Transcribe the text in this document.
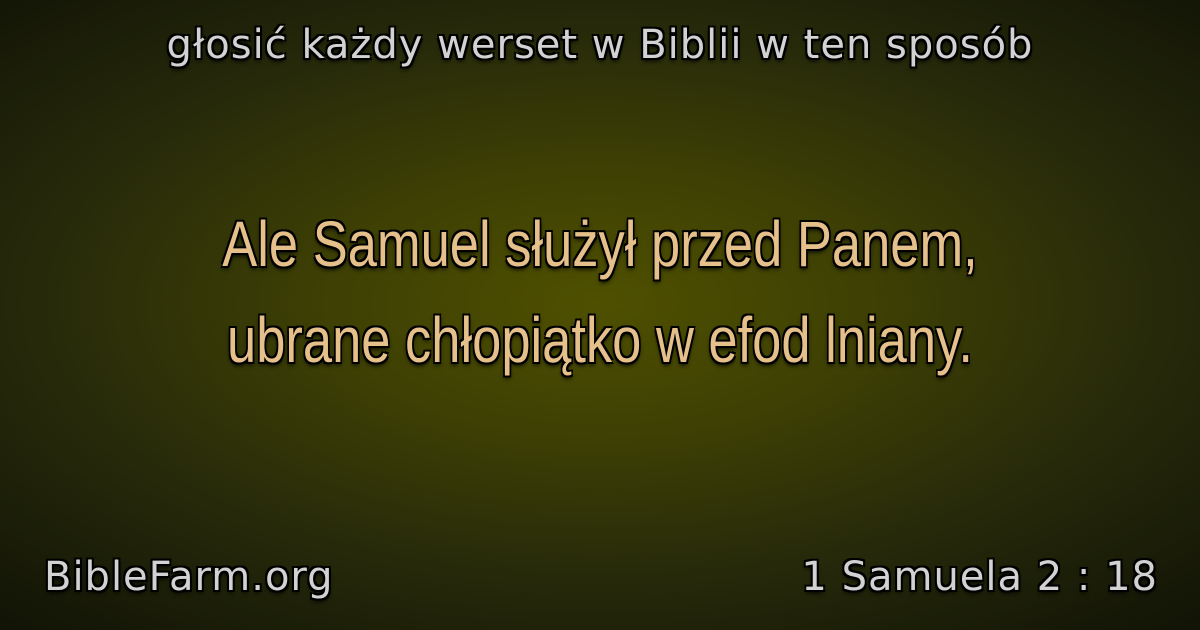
głosić każdy werset w Biblii w ten sposób
Ale Samuel służył przed Panem,
ubrane chłopiątko w efod lniany.
BibleFarm.org	1 Samuela 2 : 18
